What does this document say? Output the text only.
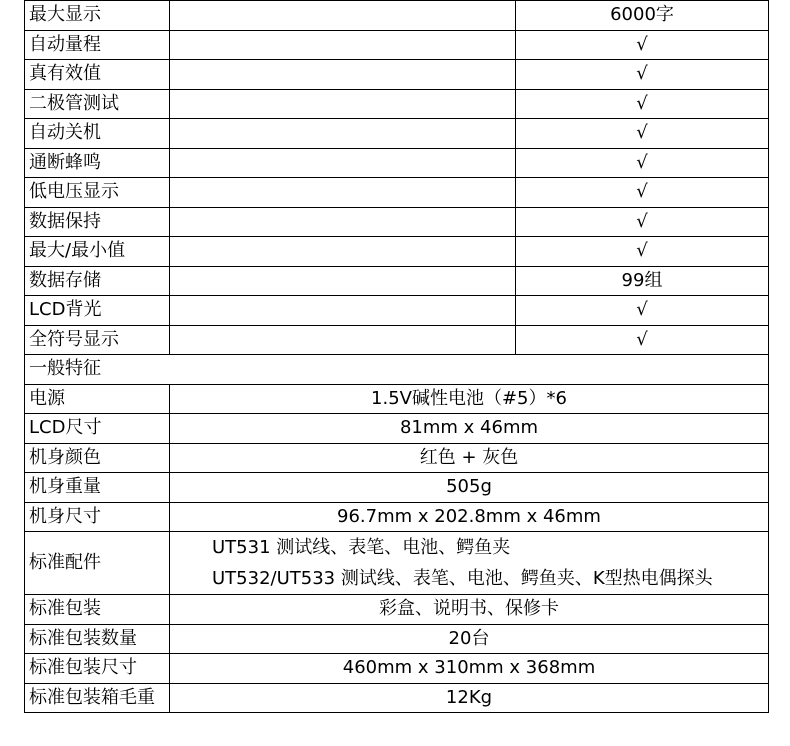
最大显示		6000字
自动量程		√
真有效值		√
二极管测试		√
自动关机		√
通断蜂鸣		√
低电压显示		√
数据保持		√
最大/最小值		√
数据存储		99组
LCD背光		√
全符号显示		√
一般特征		
电源	1.5V碱性电池（#5）*6	
LCD尺寸	81mm x 46mm	
机身颜色	红色 + 灰色	
机身重量	505g	
机身尺寸	96.7mm x 202.8mm x 46mm	
标准配件	UT531 测试线、表笔、电池、鳄鱼夹	
	UT532/UT533 测试线、表笔、电池、鳄鱼夹、K型热电偶探头	
标准包装	彩盒、说明书、保修卡	
标准包装数量	20台	
标准包装尺寸	460mm x 310mm x 368mm	
标准包装箱毛重	12Kg	
